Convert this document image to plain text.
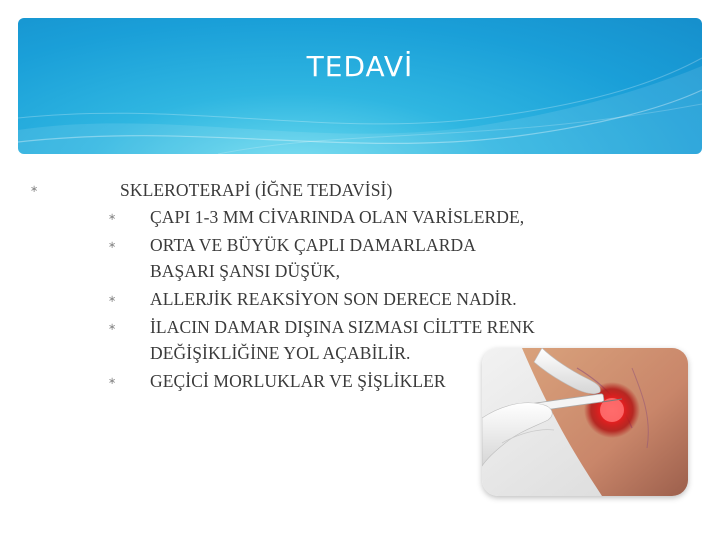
TEDAVİ
∗	SKLEROTERAPİ (İĞNE TEDAVİSİ)
∗ ÇAPI 1-3 MM CİVARINDA OLAN VARİSLERDE,
∗ ORTA VE BÜYÜK ÇAPLI DAMARLARDA
BAŞARI ŞANSI DÜŞÜK,
∗ ALLERJİK REAKSİYON SON DERECE NADİR.
∗ İLACIN DAMAR DIŞINA SIZMASI CİLTTE RENK
DEĞİŞİKLİĞİNE YOL AÇABİLİR.
∗ GEÇİCİ MORLUKLAR VE ŞİŞLİKLER
